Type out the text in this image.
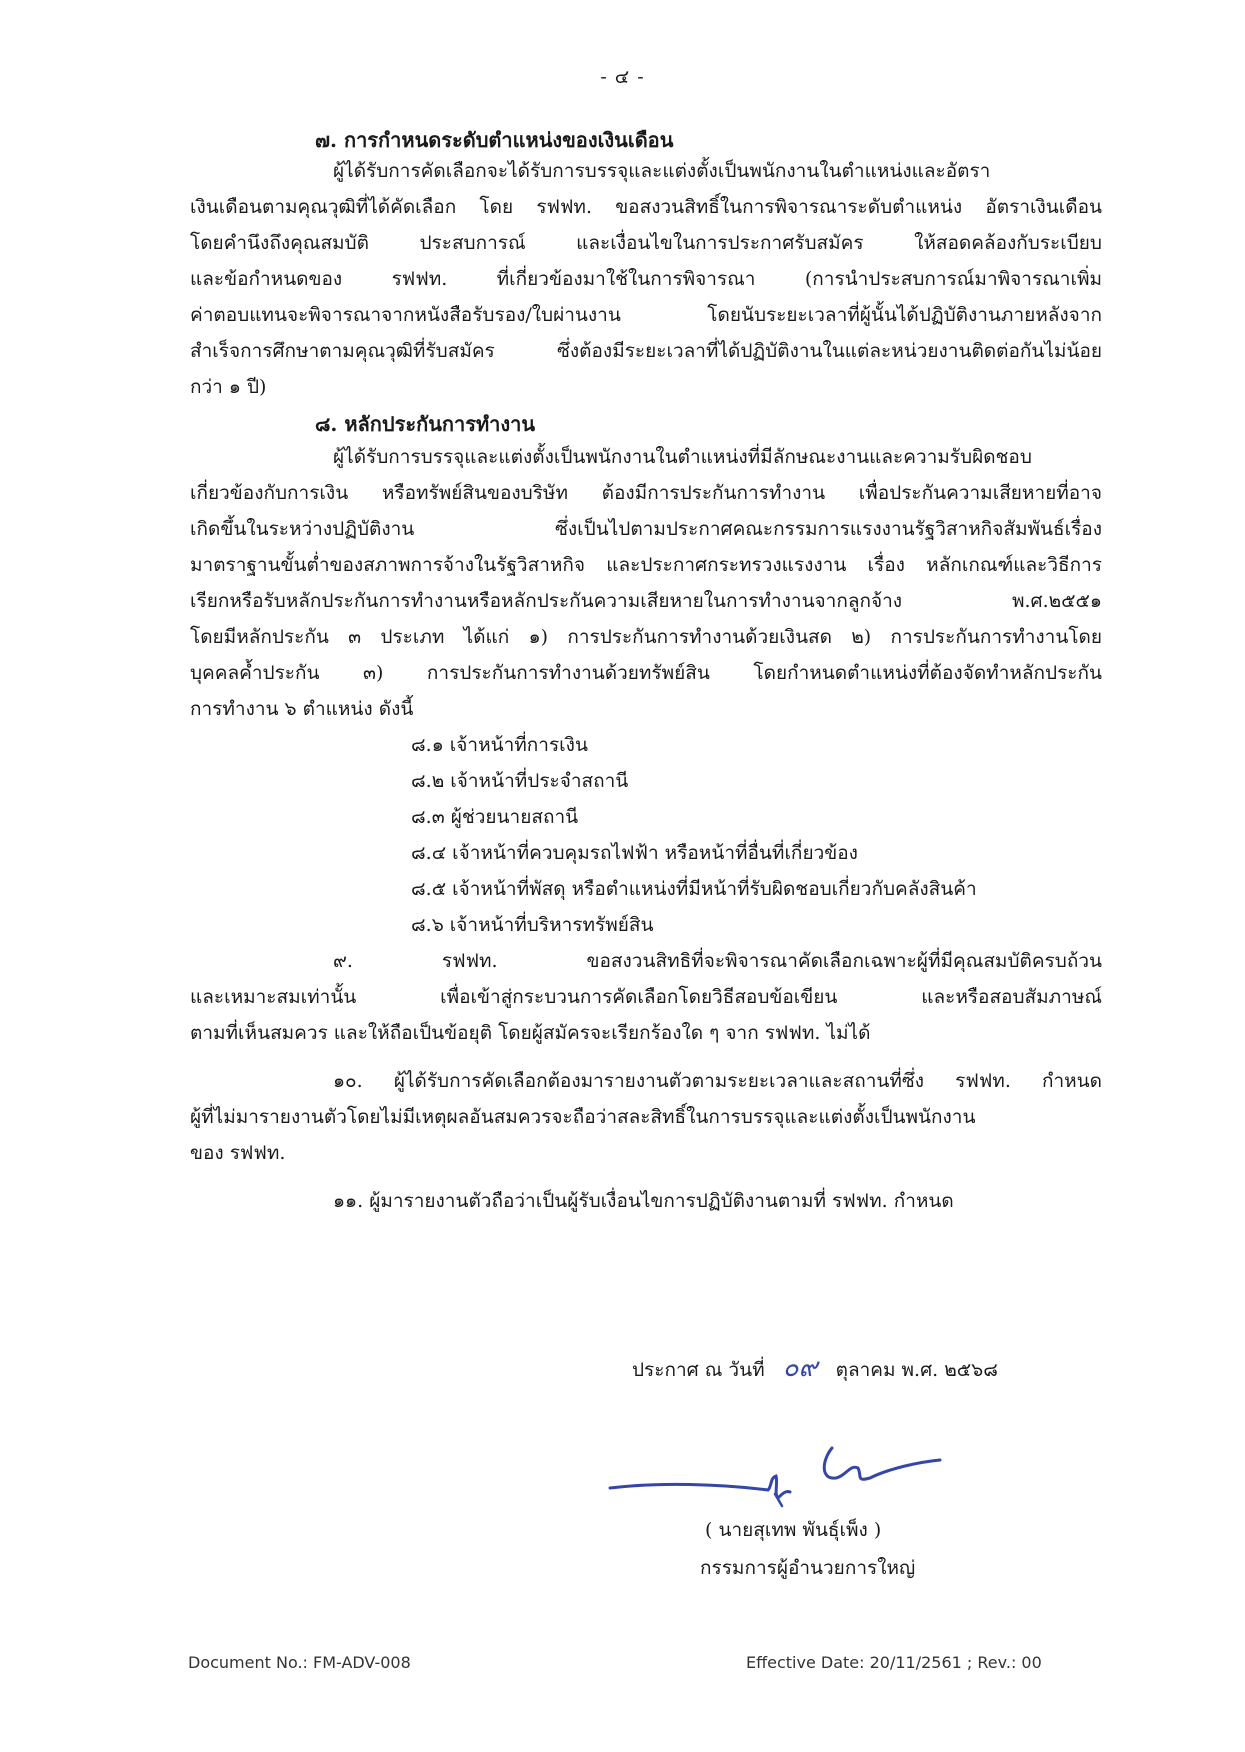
- ๔ -
๗. การกำหนดระดับตำแหน่งของเงินเดือน
ผู้ได้รับการคัดเลือกจะได้รับการบรรจุและแต่งตั้งเป็นพนักงานในตำแหน่งและอัตรา
เงินเดือนตามคุณวุฒิที่ได้คัดเลือก โดย รฟฟท. ขอสงวนสิทธิ์ในการพิจารณาระดับตำแหน่ง อัตราเงินเดือน
โดยคำนึงถึงคุณสมบัติ ประสบการณ์ และเงื่อนไขในการประกาศรับสมัคร ให้สอดคล้องกับระเบียบ
และข้อกำหนดของ รฟฟท. ที่เกี่ยวข้องมาใช้ในการพิจารณา (การนำประสบการณ์มาพิจารณาเพิ่ม
ค่าตอบแทนจะพิจารณาจากหนังสือรับรอง/ใบผ่านงาน โดยนับระยะเวลาที่ผู้นั้นได้ปฏิบัติงานภายหลังจาก
สำเร็จการศึกษาตามคุณวุฒิที่รับสมัคร ซึ่งต้องมีระยะเวลาที่ได้ปฏิบัติงานในแต่ละหน่วยงานติดต่อกันไม่น้อย
กว่า ๑ ปี)
๘. หลักประกันการทำงาน
ผู้ได้รับการบรรจุและแต่งตั้งเป็นพนักงานในตำแหน่งที่มีลักษณะงานและความรับผิดชอบ
เกี่ยวข้องกับการเงิน หรือทรัพย์สินของบริษัท ต้องมีการประกันการทำงาน เพื่อประกันความเสียหายที่อาจ
เกิดขึ้นในระหว่างปฏิบัติงาน ซึ่งเป็นไปตามประกาศคณะกรรมการแรงงานรัฐวิสาหกิจสัมพันธ์เรื่อง
มาตราฐานขั้นต่ำของสภาพการจ้างในรัฐวิสาหกิจ และประกาศกระทรวงแรงงาน เรื่อง หลักเกณฑ์และวิธีการ
เรียกหรือรับหลักประกันการทำงานหรือหลักประกันความเสียหายในการทำงานจากลูกจ้าง พ.ศ.๒๕๕๑
โดยมีหลักประกัน ๓ ประเภท ได้แก่ ๑) การประกันการทำงานด้วยเงินสด ๒) การประกันการทำงานโดย
บุคคลค้ำประกัน ๓) การประกันการทำงานด้วยทรัพย์สิน โดยกำหนดตำแหน่งที่ต้องจัดทำหลักประกัน
การทำงาน ๖ ตำแหน่ง ดังนี้
๘.๑ เจ้าหน้าที่การเงิน
๘.๒ เจ้าหน้าที่ประจำสถานี
๘.๓ ผู้ช่วยนายสถานี
๘.๔ เจ้าหน้าที่ควบคุมรถไฟฟ้า หรือหน้าที่อื่นที่เกี่ยวข้อง
๘.๕ เจ้าหน้าที่พัสดุ หรือตำแหน่งที่มีหน้าที่รับผิดชอบเกี่ยวกับคลังสินค้า
๘.๖ เจ้าหน้าที่บริหารทรัพย์สิน
๙. รฟฟท. ขอสงวนสิทธิที่จะพิจารณาคัดเลือกเฉพาะผู้ที่มีคุณสมบัติครบถ้วน
และเหมาะสมเท่านั้น เพื่อเข้าสู่กระบวนการคัดเลือกโดยวิธีสอบข้อเขียน และหรือสอบสัมภาษณ์
ตามที่เห็นสมควร และให้ถือเป็นข้อยุติ โดยผู้สมัครจะเรียกร้องใด ๆ จาก รฟฟท. ไม่ได้
๑๐. ผู้ได้รับการคัดเลือกต้องมารายงานตัวตามระยะเวลาและสถานที่ซึ่ง รฟฟท. กำหนด
ผู้ที่ไม่มารายงานตัวโดยไม่มีเหตุผลอันสมควรจะถือว่าสละสิทธิ์ในการบรรจุและแต่งตั้งเป็นพนักงาน
ของ รฟฟท.
๑๑. ผู้มารายงานตัวถือว่าเป็นผู้รับเงื่อนไขการปฏิบัติงานตามที่ รฟฟท. กำหนด
ประกาศ ณ วันที่ ๐๙ ตุลาคม พ.ศ. ๒๕๖๘
( นายสุเทพ พันธุ์เพ็ง )
กรรมการผู้อำนวยการใหญ่
Document No.: FM-ADV-008	Effective Date: 20/11/2561 ; Rev.: 00
